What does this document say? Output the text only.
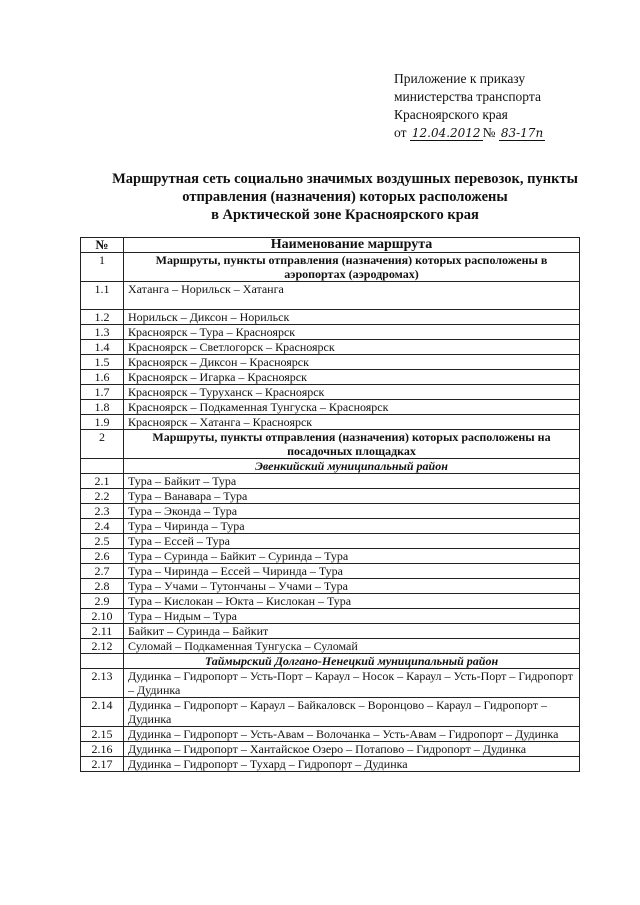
Приложение к приказу
министерства транспорта
Красноярского края
от 12.04.2012 № 83-17п
Маршрутная сеть социально значимых воздушных перевозок, пункты
отправления (назначения) которых расположены
в Арктической зоне Красноярского края
№	Наименование маршрута
1	Маршруты, пункты отправления (назначения) которых расположены в аэропортах (аэродромах)
1.1	Хатанга – Норильск – Хатанга
1.2	Норильск – Диксон – Норильск
1.3	Красноярск – Тура – Красноярск
1.4	Красноярск – Светлогорск – Красноярск
1.5	Красноярск – Диксон – Красноярск
1.6	Красноярск – Игарка – Красноярск
1.7	Красноярск – Туруханск – Красноярск
1.8	Красноярск – Подкаменная Тунгуска – Красноярск
1.9	Красноярск – Хатанга – Красноярск
2	Маршруты, пункты отправления (назначения) которых расположены на посадочных площадках
	Эвенкийский муниципальный район
2.1	Тура – Байкит – Тура
2.2	Тура – Ванавара – Тура
2.3	Тура – Эконда – Тура
2.4	Тура – Чиринда – Тура
2.5	Тура – Ессей – Тура
2.6	Тура – Суринда – Байкит – Суринда – Тура
2.7	Тура – Чиринда – Ессей – Чиринда – Тура
2.8	Тура – Учами – Тутончаны – Учами – Тура
2.9	Тура – Кислокан – Юкта – Кислокан – Тура
2.10	Тура – Нидым – Тура
2.11	Байкит – Суринда – Байкит
2.12	Суломай – Подкаменная Тунгуска – Суломай
	Таймырский Долгано-Ненецкий муниципальный район
2.13	Дудинка – Гидропорт – Усть-Порт – Караул – Носок – Караул – Усть-Порт – Гидропорт – Дудинка
2.14	Дудинка – Гидропорт – Караул – Байкаловск – Воронцово – Караул – Гидропорт – Дудинка
2.15	Дудинка – Гидропорт – Усть-Авам – Волочанка – Усть-Авам – Гидропорт – Дудинка
2.16	Дудинка – Гидропорт – Хантайское Озеро – Потапово – Гидропорт – Дудинка
2.17	Дудинка – Гидропорт – Тухард – Гидропорт – Дудинка
